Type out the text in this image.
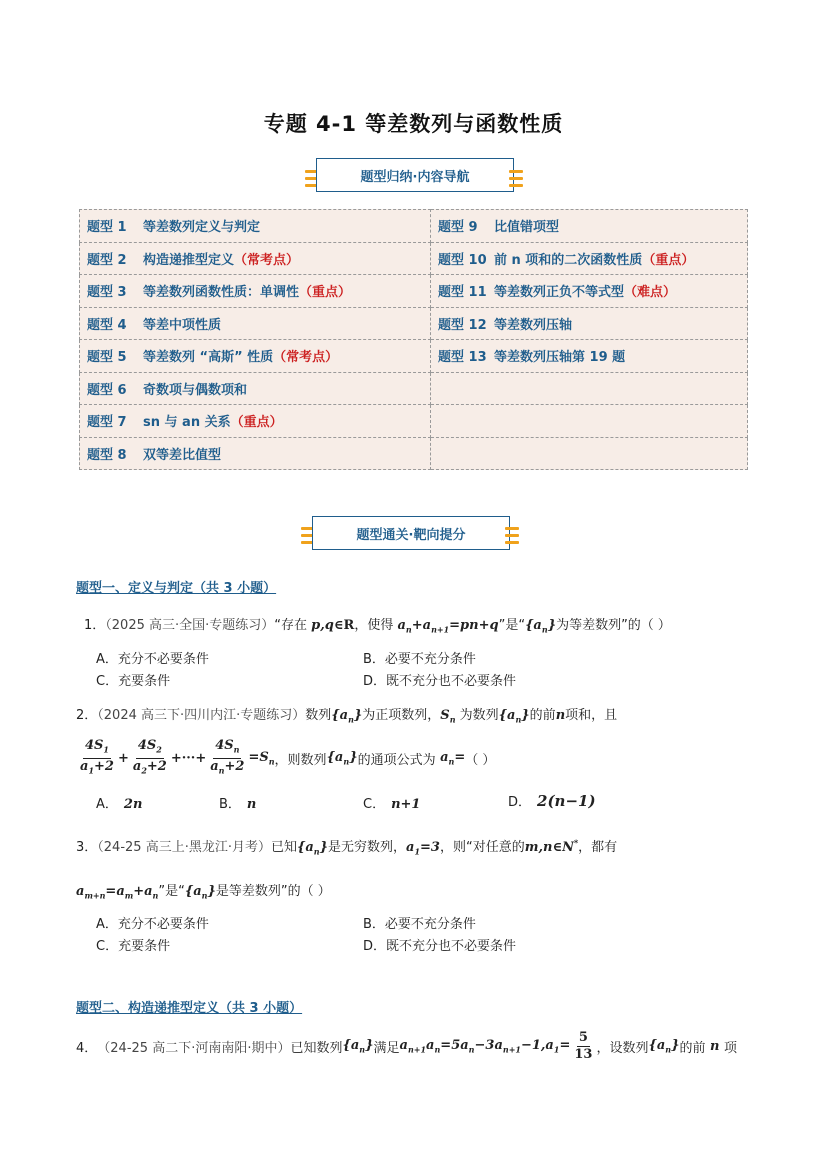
专题 4-1 等差数列与函数性质
题型归纳·内容导航
题型 1 等差数列定义与判定	题型 9 比值错项型
题型 2 构造递推型定义（常考点）	题型 10 前 n 项和的二次函数性质（重点）
题型 3 等差数列函数性质：单调性（重点）	题型 11 等差数列正负不等式型（难点）
题型 4 等差中项性质	题型 12 等差数列压轴
题型 5 等差数列 “高斯” 性质（常考点）	题型 13 等差数列压轴第 19 题
题型 6 奇数项与偶数项和	
题型 7 sn 与 an 关系（重点）	
题型 8 双等差比值型	
题型通关·靶向提分
题型一、定义与判定（共 3 小题）
1．（2025 高三·全国·专题练习）“存在 p,q∈R，使得 $a_n+a_{n+1}=pn+q$”是“$\{a_n\}$为等差数列”的（ ）
A．充分不必要条件	B．必要不充分条件
C．充要条件	D．既不充分也不必要条件
2．（2024 高三下·四川内江·专题练习）数列$\{a_n\}$为正项数列，$S_n$ 为数列$\{a_n\}$的前n项和，且
$\frac{4S_1}{a_1+2} + \frac{4S_2}{a_2+2}$ +···+ $\frac{4S_n}{a_n+2} =S_n$ ，则数列 $\{a_n\}$ 的通项公式为 $a_n=$ （ ）
A． 2n	B． n	C． n+1	D． 2(n−1)
3．（24-25 高三上·黑龙江·月考）已知$\{a_n\}$是无穷数列，$a_1=3$，则“对任意的m,n∈N*，都有
$a_{m+n}=a_m+a_n$”是“$\{a_n\}$是等差数列”的（ ）
A．充分不必要条件	B．必要不充分条件
C．充要条件	D．既不充分也不必要条件
题型二、构造递推型定义（共 3 小题）
4． （24-25 高二下·河南南阳·期中） 已知数列 $\{a_n\}$ 满足 $a_{n+1}a_n=5a_n-3a_{n+1}-1,a_1= \frac{5}{13}$ ，设数列 $\{a_n\}$ 的前 n 项
